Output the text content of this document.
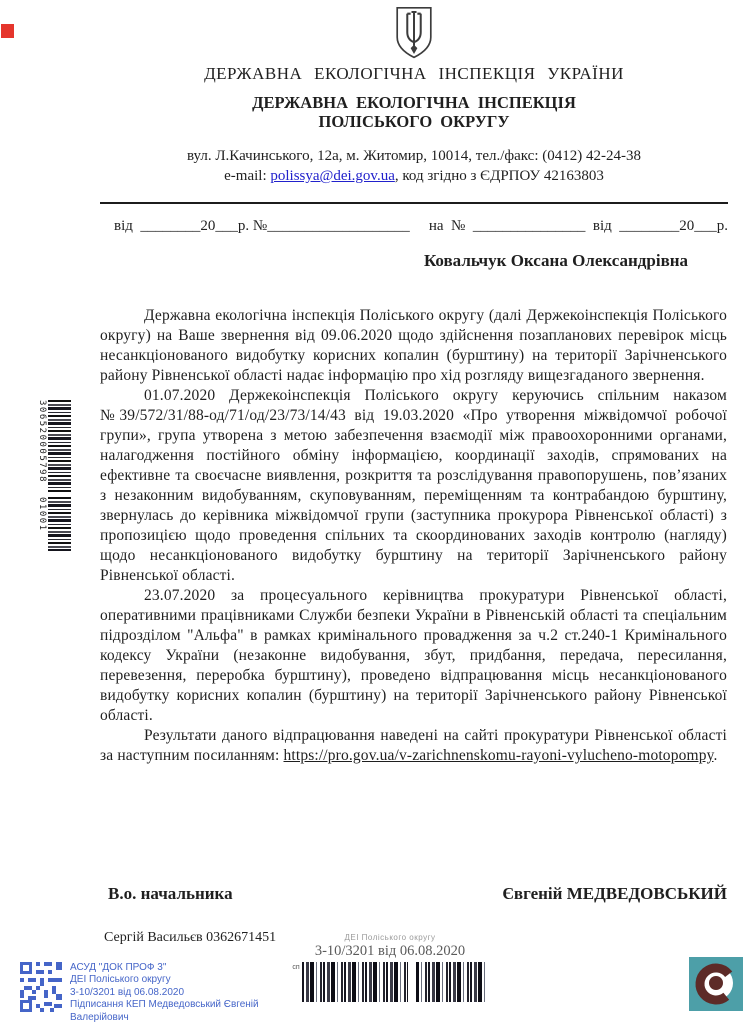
306520005798
01001
ДЕРЖАВНА ЕКОЛОГІЧНА ІНСПЕКЦІЯ УКРАЇНИ
ДЕРЖАВНА ЕКОЛОГІЧНА ІНСПЕКЦІЯ
ПОЛІСЬКОГО ОКРУГУ
вул. Л.Качинського, 12а, м. Житомир, 10014, тел./факс: (0412) 42-24-38
e-mail: polissya@dei.gov.ua, код згідно з ЄДРПОУ 42163803
від  ________20___р. №___________________ на  №  _______________  від  ________20___р.
Ковальчук Оксана Олександрівна

Державна екологічна інспекція Поліського округу (далі Держекоінспекція Поліського округу) на Ваше звернення від 09.06.2020 щодо здійснення позапланових перевірок місць несанкціонованого видобутку корисних копалин (бурштину) на території Зарічненського району Рівненської області надає інформацію про хід розгляду вищезгаданого звернення.

01.07.2020 Держекоінспекція Поліського округу керуючись спільним наказом №39/572/31/88-од/71/од/23/73/14/43 від 19.03.2020 «Про утворення міжвідомчої робочої групи», група утворена з метою забезпечення взаємодії між правоохоронними органами, налагодження постійного обміну інформацією, координації заходів, спрямованих на ефективне та своєчасне виявлення, розкриття та розслідування правопорушень, пов’язаних з незаконним видобуванням, скуповуванням, переміщенням та контрабандою бурштину, звернулась до керівника міжвідомчої групи (заступника прокурора Рівненської області) з пропозицією щодо проведення спільних та скоординованих заходів контролю (нагляду) щодо несанкціонованого видобутку бурштину на території Зарічненського району Рівненської області.

23.07.2020 за процесуального керівництва прокуратури Рівненської області, оперативними працівниками Служби безпеки України в Рівненській області та спеціальним підрозділом "Альфа" в рамках кримінального провадження за ч.2 ст.240-1 Кримінального кодексу України (незаконне видобування, збут, придбання, передача, пересилання, перевезення, переробка бурштину), проведено відпрацювання місць несанкціонованого видобутку корисних копалин (бурштину) на території Зарічненського району Рівненської області.

Результати даного відпрацювання наведені на сайті прокуратури Рівненської області за наступним посиланням: https://pro.gov.ua/v-zarichnenskomu-rayoni-vylucheno-motopompy.

В.о. начальника	Євгеній МЕДВЕДОВСЬКИЙ
Сергій Васильєв 0362671451	ДЕІ Поліського округу
3-10/3201 від 06.08.2020
сп
АСУД "ДОК ПРОФ 3"
ДЕІ Поліського округу
3-10/3201 від 06.08.2020
Підписання КЕП Медведовський Євгеній
Валерійович
